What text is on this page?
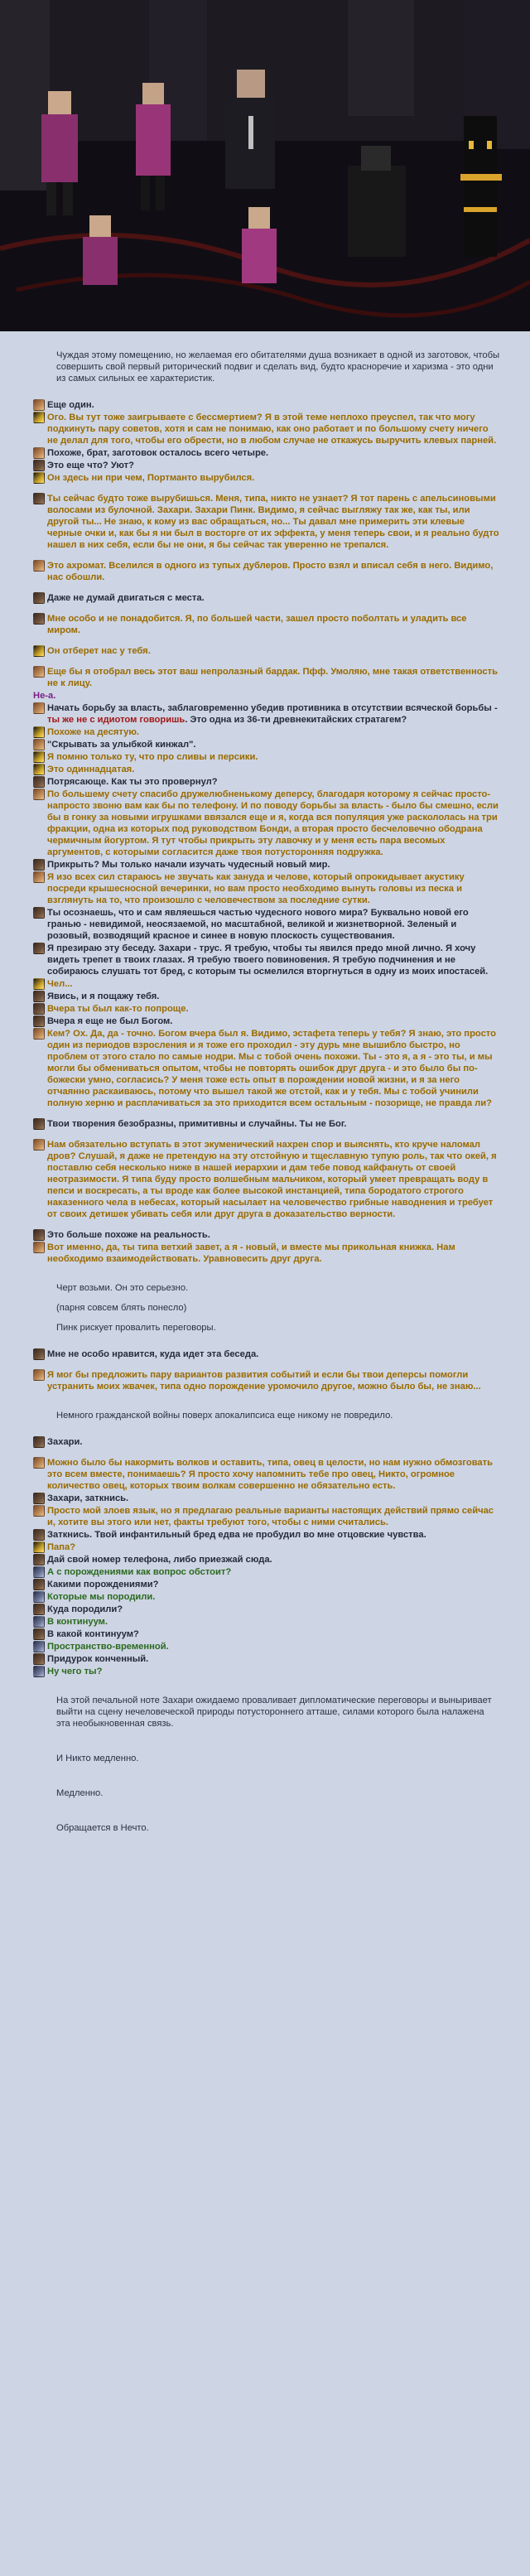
Чуждая этому помещению, но желаемая его обитателями душа возникает в одной из заготовок, чтобы совершить свой первый риторический подвиг и сделать вид, будто красноречие и харизма - это одни из самых сильных ее характеристик.
Еще один.
Ого. Вы тут тоже заигрываете с бессмертием? Я в этой теме неплохо преуспел, так что могу подкинуть пару советов, хотя и сам не понимаю, как оно работает и по большому счету ничего не делал для того, чтобы его обрести, но в любом случае не откажусь выручить клевых парней.
Похоже, брат, заготовок осталось всего четыре.
Это еще что? Уют?
Он здесь ни при чем, Портманто вырубился.
Ты сейчас будто тоже вырубишься. Меня, типа, никто не узнает? Я тот парень с апельсиновыми волосами из булочной. Захари. Захари Пинк. Видимо, я сейчас выгляжу так же, как ты, или другой ты... Не знаю, к кому из вас обращаться, но... Ты давал мне примерить эти клевые черные очки и, как бы я ни был в восторге от их эффекта, у меня теперь свои, и я реально будто нашел в них себя, если бы не они, я бы сейчас так уверенно не трепался.
Это ахромат. Вселился в одного из тупых дублеров. Просто взял и вписал себя в него. Видимо, нас обошли.
Даже не думай двигаться с места.
Мне особо и не понадобится. Я, по большей части, зашел просто поболтать и уладить все миром.
Он отберет нас у тебя.
Еще бы я отобрал весь этот ваш непролазный бардак. Пфф. Умоляю, мне такая ответственность не к лицу.
Не-а.
Начать борьбу за власть, заблаговременно убедив противника в отсутствии всяческой борьбы - ты же не с идиотом говоришь. Это одна из 36-ти древнекитайских стратагем?
Похоже на десятую.
"Скрывать за улыбкой кинжал".
Я помню только ту, что про сливы и персики.
Это одиннадцатая.
Потрясающе. Как ты это провернул?
По большему счету спасибо дружелюбненькому деперсу, благодаря которому я сейчас просто-напросто звоню вам как бы по телефону. И по поводу борьбы за власть - было бы смешно, если бы в гонку за новыми игрушками ввязался еще и я, когда вся популяция уже раскололась на три фракции, одна из которых под руководством Бонди, а вторая просто бесчеловечно ободрана чермичным йогуртом. Я тут чтобы прикрыть эту лавочку и у меня есть пара весомых аргументов, с которыми согласится даже твоя потусторонняя подружка.
Прикрыть? Мы только начали изучать чудесный новый мир.
Я изо всех сил стараюсь не звучать как зануда и челове, который опрокидывает акустику посреди крышесносной вечеринки, но вам просто необходимо вынуть головы из песка и взглянуть на то, что произошло с человечеством за последние сутки.
Ты осознаешь, что и сам являешься частью чудесного нового мира? Буквально новой его гранью - невидимой, неосязаемой, но масштабной, великой и жизнетворной. Зеленый и розовый, возводящий красное и синее в новую плоскость существования.
Я презираю эту беседу. Захари - трус. Я требую, чтобы ты явился предо мной лично. Я хочу видеть трепет в твоих глазах. Я требую твоего повиновения. Я требую подчинения и не собираюсь слушать тот бред, с которым ты осмелился вторгнуться в одну из моих ипостасей.
Чел...
Явись, и я пощажу тебя.
Вчера ты был как-то попроще.
Вчера я еще не был Богом.
Кем? Ох. Да, да - точно. Богом вчера был я. Видимо, эстафета теперь у тебя? Я знаю, это просто один из периодов взросления и я тоже его проходил - эту дурь мне вышибло быстро, но проблем от этого стало по самые нодри. Мы с тобой очень похожи. Ты - это я, а я - это ты, и мы могли бы обмениваться опытом, чтобы не повторять ошибок друг друга - и это было бы по-божески умно, согласись? У меня тоже есть опыт в порождении новой жизни, и я за него отчаянно раскаиваюсь, потому что вышел такой же отстой, как и у тебя. Мы с тобой учинили полную херню и расплачиваться за это приходится всем остальным - позорище, не правда ли?
Твои творения безобразны, примитивны и случайны. Ты не Бог.
Нам обязательно вступать в этот экуменический нахрен спор и выяснять, кто круче наломал дров? Слушай, я даже не претендую на эту отстойную и тщеславную тупую роль, так что окей, я поставлю себя несколько ниже в нашей иерархии и дам тебе повод кайфануть от своей неотразимости. Я типа буду просто волшебным мальчиком, который умеет превращать воду в пепси и воскресать, а ты вроде как более высокой инстанцией, типа бородатого строгого наказенного чела в небесах, который насылает на человечество грибные наводнения и требует от своих детишек убивать себя или друг друга в доказательство верности.
Это больше похоже на реальность.
Вот именно, да, ты типа ветхий завет, а я - новый, и вместе мы прикольная книжка. Нам необходимо взаимодействовать. Уравновесить друг друга.
Черт возьми. Он это серьезно.
(парня совсем блять понесло)
Пинк рискует провалить переговоры.
Мне не особо нравится, куда идет эта беседа.
Я мог бы предложить пару вариантов развития событий и если бы твои деперсы помогли устранить моих жвачек, типа одно порождение уромочило другое, можно было бы, не знаю...
Немного гражданской войны поверх апокалипсиса еще никому не повредило.
Захари.
Можно было бы накормить волков и оставить, типа, овец в целости, но нам нужно обмозговать это всем вместе, понимаешь? Я просто хочу напомнить тебе про овец, Никто, огромное количество овец, которых твоим волкам совершенно не обязательно есть.
Захари, заткнись.
Просто мой злоев язык, но я предлагаю реальные варианты настоящих действий прямо сейчас и, хотите вы этого или нет, факты требуют того, чтобы с ними считались.
Заткнись. Твой инфантильный бред едва не пробудил во мне отцовские чувства.
Папа?
Дай свой номер телефона, либо приезжай сюда.
А с порождениями как вопрос обстоит?
Какими порождениями?
Которые мы породили.
Куда породили?
В континуум.
В какой континуум?
Пространство-временной.
Придурок конченный.
Ну чего ты?
На этой печальной ноте Захари ожидаемо проваливает дипломатические переговоры и выныривает выйти на сцену нечеловеческой природы потустороннего атташе, силами которого была налажена эта необыкновенная связь.
И Никто медленно.
Медленно.
Обращается в Нечто.
